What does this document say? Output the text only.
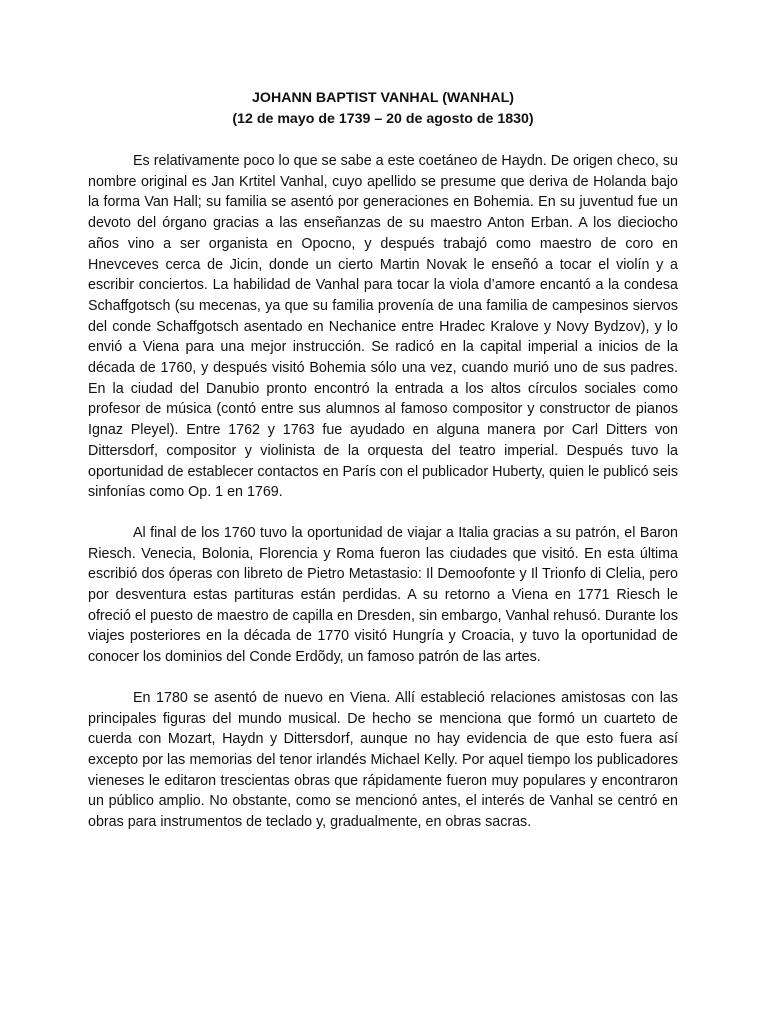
JOHANN BAPTIST VANHAL (WANHAL)

(12 de mayo de 1739 – 20 de agosto de 1830)

Es relativamente poco lo que se sabe a este coetáneo de Haydn. De origen checo, su nombre original es Jan Krtitel Vanhal, cuyo apellido se presume que deriva de Holanda bajo la forma Van Hall; su familia se asentó por generaciones en Bohemia. En su juventud fue un devoto del órgano gracias a las enseñanzas de su maestro Anton Erban. A los dieciocho años vino a ser organista en Opocno, y después trabajó como maestro de coro en Hnevceves cerca de Jicin, donde un cierto Martin Novak le enseñó a tocar el violín y a escribir conciertos. La habilidad de Vanhal para tocar la viola d’amore encantó a la condesa Schaffgotsch (su mecenas, ya que su familia provenía de una familia de campesinos siervos del conde Schaffgotsch asentado en Nechanice entre Hradec Kralove y Novy Bydzov), y lo envió a Viena para una mejor instrucción. Se radicó en la capital imperial a inicios de la década de 1760, y después visitó Bohemia sólo una vez, cuando murió uno de sus padres. En la ciudad del Danubio pronto encontró la entrada a los altos círculos sociales como profesor de música (contó entre sus alumnos al famoso compositor y constructor de pianos Ignaz Pleyel). Entre 1762 y 1763 fue ayudado en alguna manera por Carl Ditters von Dittersdorf, compositor y violinista de la orquesta del teatro imperial. Después tuvo la oportunidad de establecer contactos en París con el publicador Huberty, quien le publicó seis sinfonías como Op. 1 en 1769.

Al final de los 1760 tuvo la oportunidad de viajar a Italia gracias a su patrón, el Baron Riesch. Venecia, Bolonia, Florencia y Roma fueron las ciudades que visitó. En esta última escribió dos óperas con libreto de Pietro Metastasio: Il Demoofonte y Il Trionfo di Clelia, pero por desventura estas partituras están perdidas. A su retorno a Viena en 1771 Riesch le ofreció el puesto de maestro de capilla en Dresden, sin embargo, Vanhal rehusó. Durante los viajes posteriores en la década de 1770 visitó Hungría y Croacia, y tuvo la oportunidad de conocer los dominios del Conde Erdõdy, un famoso patrón de las artes.

En 1780 se asentó de nuevo en Viena. Allí estableció relaciones amistosas con las principales figuras del mundo musical. De hecho se menciona que formó un cuarteto de cuerda con Mozart, Haydn y Dittersdorf, aunque no hay evidencia de que esto fuera así excepto por las memorias del tenor irlandés Michael Kelly. Por aquel tiempo los publicadores vieneses le editaron trescientas obras que rápidamente fueron muy populares y encontraron un público amplio. No obstante, como se mencionó antes, el interés de Vanhal se centró en obras para instrumentos de teclado y, gradualmente, en obras sacras.
